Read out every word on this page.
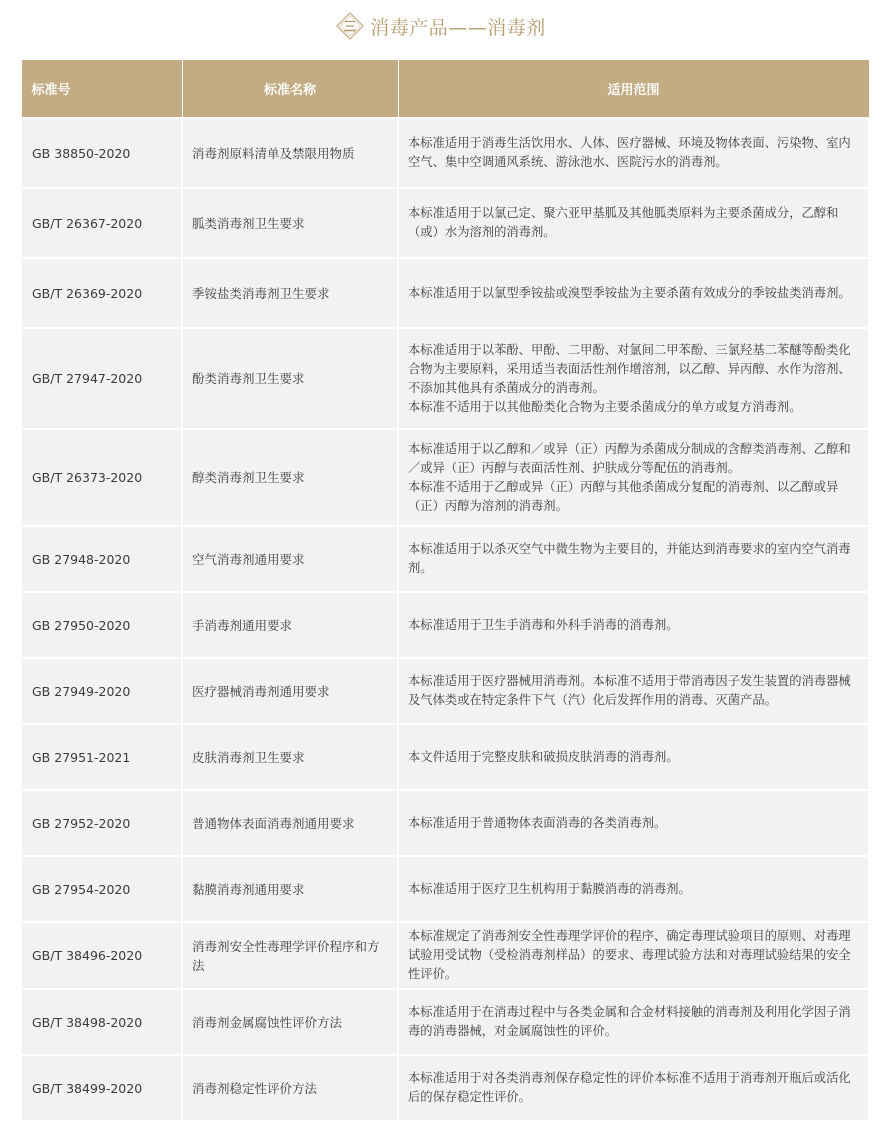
消毒产品——消毒剂
标准号	标准名称	适用范围
GB 38850-2020	消毒剂原料清单及禁限用物质	本标准适用于消毒生活饮用水、人体、医疗器械、环境及物体表面、污染物、室内空气、集中空调通风系统、游泳池水、医院污水的消毒剂。

GB/T 26367-2020	胍类消毒剂卫生要求	本标准适用于以氯己定、聚六亚甲基胍及其他胍类原料为主要杀菌成分，乙醇和（或）水为溶剂的消毒剂。

GB/T 26369-2020	季铵盐类消毒剂卫生要求	本标准适用于以氯型季铵盐或溴型季铵盐为主要杀菌有效成分的季铵盐类消毒剂。

GB/T 27947-2020	酚类消毒剂卫生要求	本标准适用于以苯酚、甲酚、二甲酚、对氯间二甲苯酚、三氯羟基二苯醚等酚类化合物为主要原料，采用适当表面活性剂作增溶剂，以乙醇、异丙醇、水作为溶剂、不添加其他具有杀菌成分的消毒剂。
本标准不适用于以其他酚类化合物为主要杀菌成分的单方或复方消毒剂。

GB/T 26373-2020	醇类消毒剂卫生要求	本标准适用于以乙醇和／或异（正）丙醇为杀菌成分制成的含醇类消毒剂、乙醇和／或异（正）丙醇与表面活性剂、护肤成分等配伍的消毒剂。
本标准不适用于乙醇或异（正）丙醇与其他杀菌成分复配的消毒剂、以乙醇或异（正）丙醇为溶剂的消毒剂。

GB 27948-2020	空气消毒剂通用要求	本标准适用于以杀灭空气中微生物为主要目的，并能达到消毒要求的室内空气消毒剂。

GB 27950-2020	手消毒剂通用要求	本标准适用于卫生手消毒和外科手消毒的消毒剂。

GB 27949-2020	医疗器械消毒剂通用要求	本标准适用于医疗器械用消毒剂。本标准不适用于带消毒因子发生装置的消毒器械及气体类或在特定条件下气（汽）化后发挥作用的消毒、灭菌产品。

GB 27951-2021	皮肤消毒剂卫生要求	本文件适用于完整皮肤和破损皮肤消毒的消毒剂。

GB 27952-2020	普通物体表面消毒剂通用要求	本标准适用于普通物体表面消毒的各类消毒剂。

GB 27954-2020	黏膜消毒剂通用要求	本标准适用于医疗卫生机构用于黏膜消毒的消毒剂。

GB/T 38496-2020	消毒剂安全性毒理学评价程序和方法	本标准规定了消毒剂安全性毒理学评价的程序、确定毒理试验项目的原则、对毒理试验用受试物（受检消毒剂样品）的要求、毒理试验方法和对毒理试验结果的安全性评价。

GB/T 38498-2020	消毒剂金属腐蚀性评价方法	本标准适用于在消毒过程中与各类金属和合金材料接触的消毒剂及利用化学因子消毒的消毒器械，对金属腐蚀性的评价。

GB/T 38499-2020	消毒剂稳定性评价方法	本标准适用于对各类消毒剂保存稳定性的评价本标准不适用于消毒剂开瓶后或活化后的保存稳定性评价。
